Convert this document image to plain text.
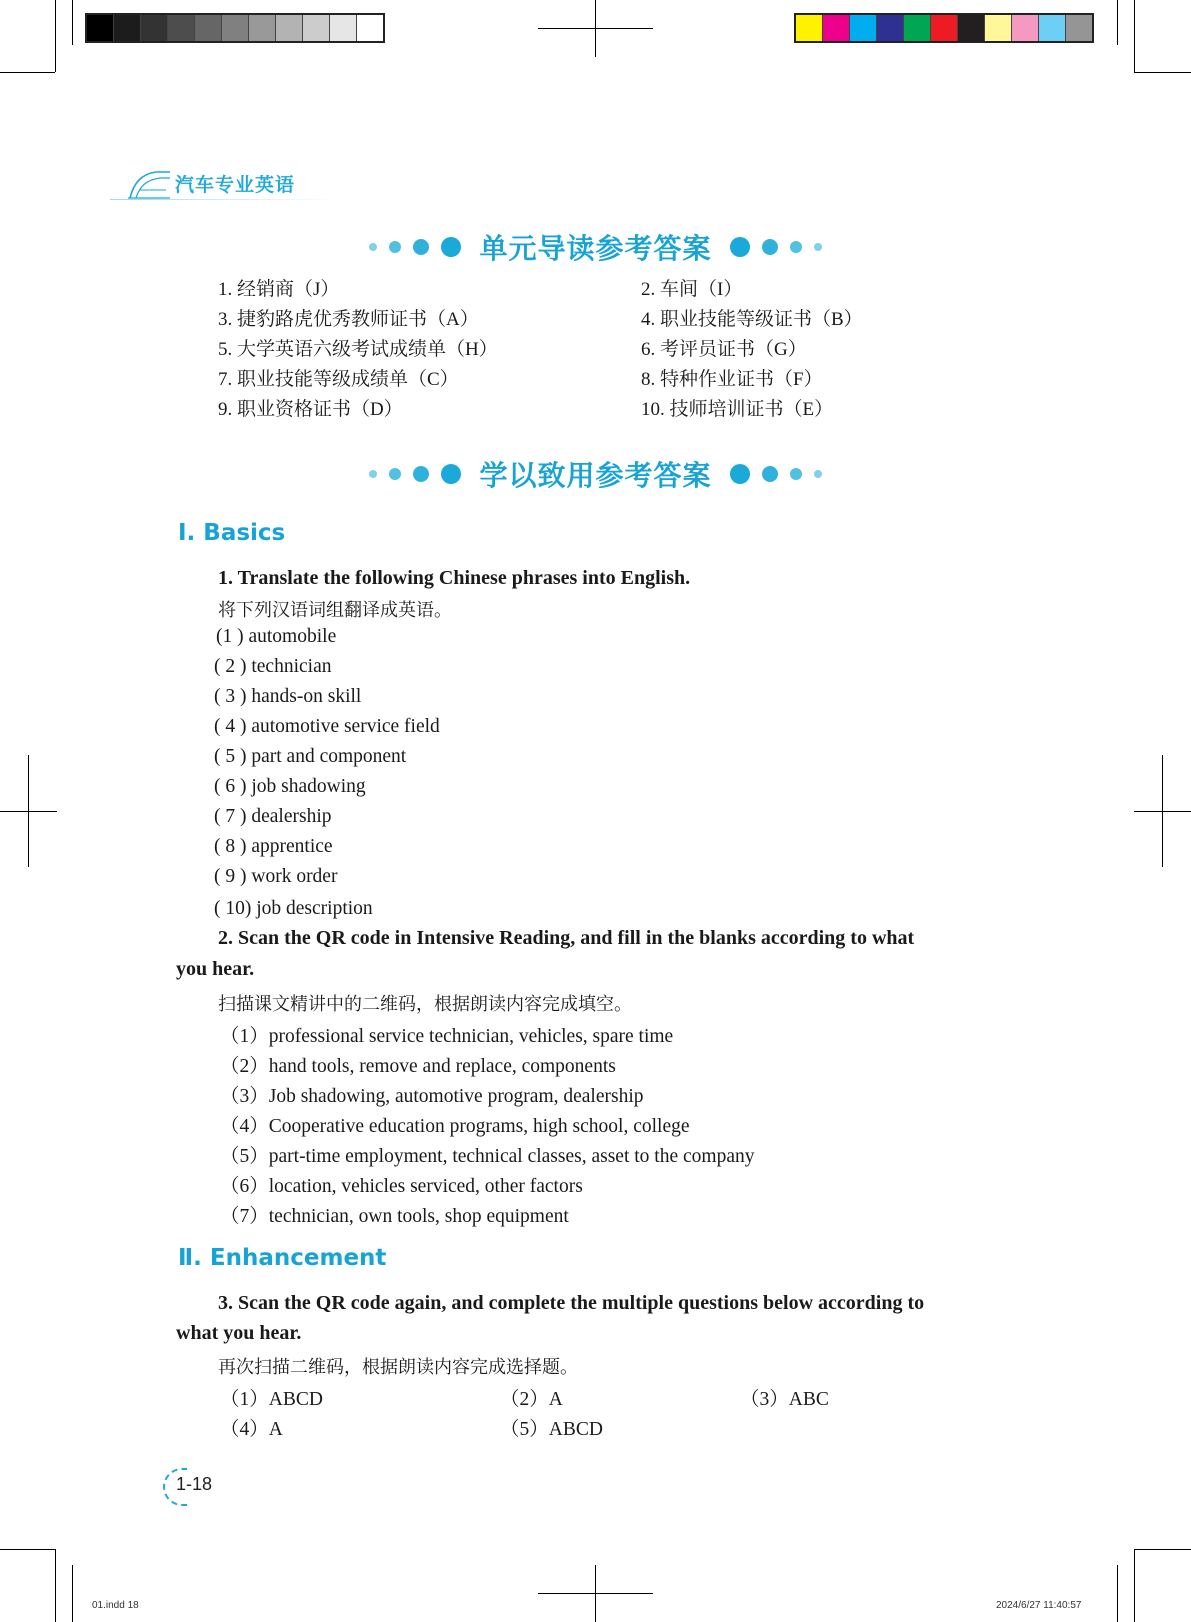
汽车专业英语
单元导读参考答案
1. 经销商（J）	2. 车间（I）
3. 捷豹路虎优秀教师证书（A）	4. 职业技能等级证书（B）
5. 大学英语六级考试成绩单（H）	6. 考评员证书（G）
7. 职业技能等级成绩单（C）	8. 特种作业证书（F）
9. 职业资格证书（D）	10. 技师培训证书（E）
学以致用参考答案
Ⅰ. Basics
1. Translate the following Chinese phrases into English.
将下列汉语词组翻译成英语。
(1 ) automobile
( 2 ) technician
( 3 ) hands-on skill
( 4 ) automotive service field
( 5 ) part and component
( 6 ) job shadowing
( 7 ) dealership
( 8 ) apprentice
( 9 ) work order
( 10) job description
2. Scan the QR code in Intensive Reading, and fill in the blanks according to what
you hear.
扫描课文精讲中的二维码，根据朗读内容完成填空。
（1）professional service technician, vehicles, spare time
（2）hand tools, remove and replace, components
（3）Job shadowing, automotive program, dealership
（4）Cooperative education programs, high school, college
（5）part-time employment, technical classes, asset to the company
（6）location, vehicles serviced, other factors
（7）technician, own tools, shop equipment
Ⅱ. Enhancement
3. Scan the QR code again, and complete the multiple questions below according to
what you hear.
再次扫描二维码，根据朗读内容完成选择题。
（1）ABCD	（2）A	（3）ABC
（4）A	（5）ABCD
1-18
01.indd 18	2024/6/27 11:40:57
